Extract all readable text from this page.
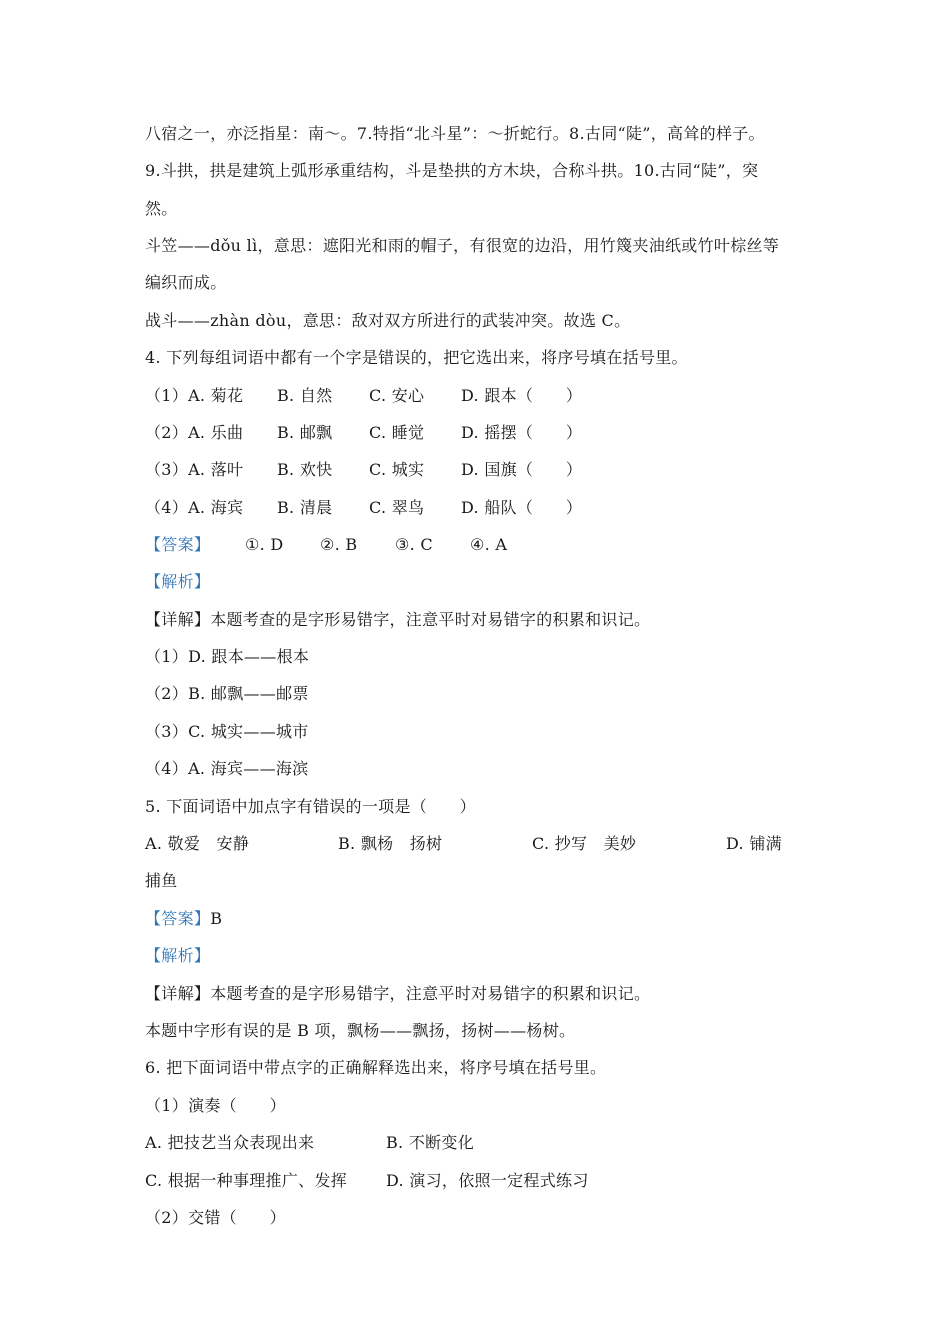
八宿之一，亦泛指星：南～。7.特指“北斗星”：～折蛇行。8.古同“陡”，高耸的样子。
9.斗拱，拱是建筑上弧形承重结构，斗是垫拱的方木块，合称斗拱。10.古同“陡”，突
然。
斗笠——dǒu lì，意思：遮阳光和雨的帽子，有很宽的边沿，用竹篾夹油纸或竹叶棕丝等
编织而成。
战斗——zhàn dòu，意思：敌对双方所进行的武装冲突。故选 C。
4. 下列每组词语中都有一个字是错误的，把它选出来，将序号填在括号里。
（1）A. 菊花 B. 自然 C. 安心 D. 跟本（　　）
（2）A. 乐曲 B. 邮飘 C. 睡觉 D. 摇摆（　　）
（3）A. 落叶 B. 欢快 C. 城实 D. 国旗（　　）
（4）A. 海宾 B. 清晨 C. 翠鸟 D. 船队（　　）
【答案】 ①. D ②. B ③. C ④. A
【解析】
【详解】本题考查的是字形易错字，注意平时对易错字的积累和识记。
（1）D. 跟本——根本
（2）B. 邮飘——邮票
（3）C. 城实——城市
（4）A. 海宾——海滨
5. 下面词语中加点字有错误的一项是（　　）
A. 敬爱　安静	B. 飘杨　扬树	C. 抄写　美妙	D. 铺满
捕鱼
【答案】B
【解析】
【详解】本题考查的是字形易错字，注意平时对易错字的积累和识记。
本题中字形有误的是 B 项，飘杨——飘扬，扬树——杨树。
6. 把下面词语中带点字的正确解释选出来，将序号填在括号里。
（1）演奏（　　）
A. 把技艺当众表现出来	B. 不断变化
C. 根据一种事理推广、发挥 D. 演习，依照一定程式练习
（2）交错（　　）
